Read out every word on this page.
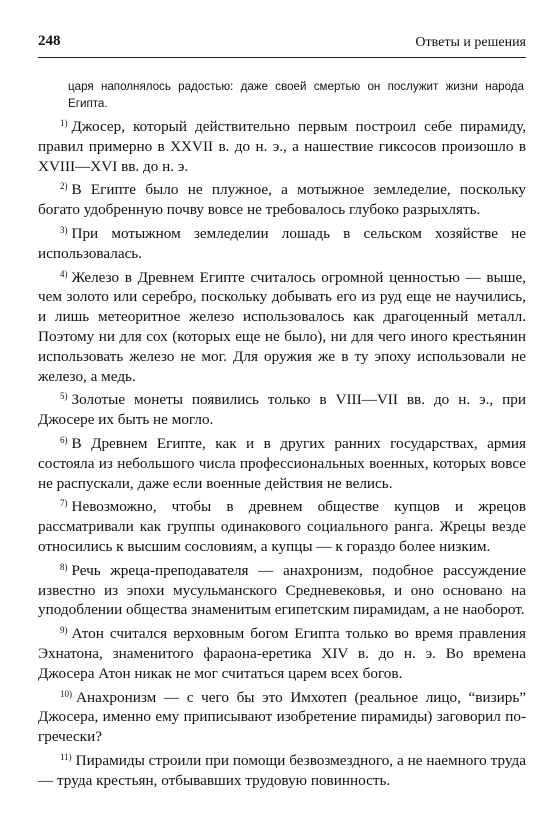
248	Ответы и решения

царя наполнялось радостью: даже своей смертью он послужит жизни народа Египта.

$^{1)}$ Джосер, который действительно первым построил себе пирамиду, правил примерно в XXVII в. до н. э., а нашествие гиксосов произошло в XVIII—XVI вв. до н. э.

$^{2)}$ В Египте было не плужное, а мотыжное земледелие, поскольку богато удобренную почву вовсе не требовалось глубоко разрыхлять.

$^{3)}$ При мотыжном земледелии лошадь в сельском хозяйстве не использовалась.

$^{4)}$ Железо в Древнем Египте считалось огромной ценностью — выше, чем золото или серебро, поскольку добывать его из руд еще не научились, и лишь метеоритное железо использовалось как драгоценный металл. Поэтому ни для сох (которых еще не было), ни для чего иного крестьянин использовать железо не мог. Для оружия же в ту эпоху использовали не железо, а медь.

$^{5)}$ Золотые монеты появились только в VIII—VII вв. до н. э., при Джосере их быть не могло.

$^{6)}$ В Древнем Египте, как и в других ранних государствах, армия состояла из небольшого числа профессиональных военных, которых вовсе не распускали, даже если военные действия не велись.

$^{7)}$ Невозможно, чтобы в древнем обществе купцов и жрецов рассматривали как группы одинакового социального ранга. Жрецы везде относились к высшим сословиям, а купцы — к гораздо более низким.

$^{8)}$ Речь жреца-преподавателя — анахронизм, подобное рассуждение известно из эпохи мусульманского Средневековья, и оно основано на уподоблении общества знаменитым египетским пирамидам, а не наоборот.

$^{9)}$ Атон считался верховным богом Египта только во время правления Эхнатона, знаменитого фараона-еретика XIV в. до н. э. Во времена Джосера Атон никак не мог считаться царем всех богов.

$^{10)}$ Анахронизм — с чего бы это Имхотеп (реальное лицо, “визирь” Джосера, именно ему приписывают изобретение пирамиды) заговорил по-гречески?

$^{11)}$ Пирамиды строили при помощи безвозмездного, а не наемного труда — труда крестьян, отбывавших трудовую повинность.
